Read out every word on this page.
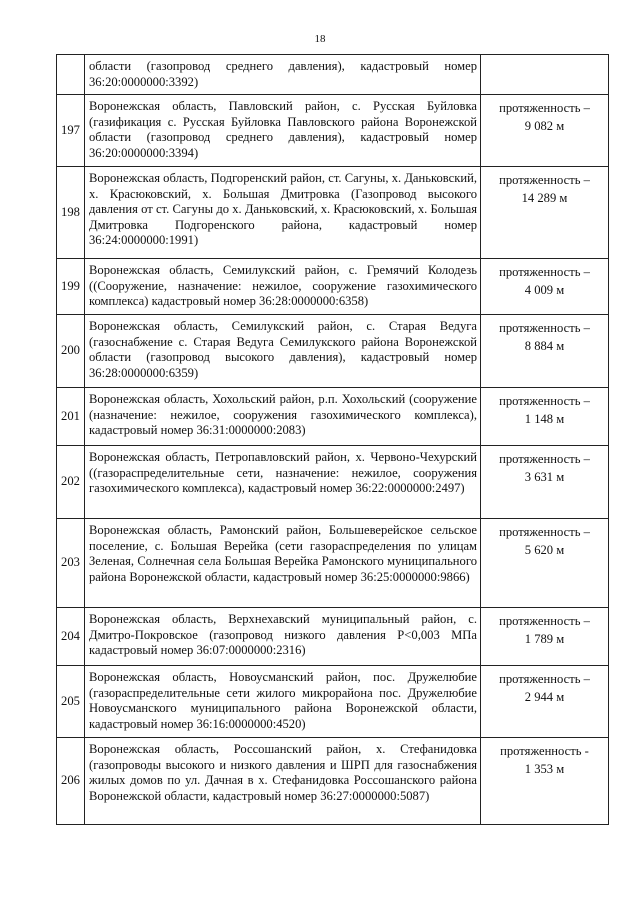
18
	области (газопровод среднего давления), кадастровый номер 36:20:0000000:3392)	
197	Воронежская область, Павловский район, с. Русская Буйловка (газификация с. Русская Буйловка Павловского района Воронежской области (газопровод среднего давления), кадастровый номер 36:20:0000000:3394)	протяженность –
9 082 м

198	Воронежская область, Подгоренский район, ст. Сагуны, х. Даньковский, х. Красюковский, х. Большая Дмитровка (Газопровод высокого давления от ст. Сагуны до х. Даньковский, х. Красюковский, х. Большая Дмитровка Подгоренского района, кадастровый номер 36:24:0000000:1991)	протяженность –
14 289 м

199	Воронежская область, Семилукский район, с. Гремячий Колодезь ((Сооружение, назначение: нежилое, сооружение газохимического комплекса) кадастровый номер 36:28:0000000:6358)	протяженность –
4 009 м

200	Воронежская область, Семилукский район, с. Старая Ведуга (газоснабжение с. Старая Ведуга Семилукского района Воронежской области (газопровод высокого давления), кадастровый номер 36:28:0000000:6359)	протяженность –
8 884 м

201	Воронежская область, Хохольский район, р.п. Хохольский (сооружение (назначение: нежилое, сооружения газохимического комплекса), кадастровый номер 36:31:0000000:2083)	протяженность –
1 148 м

202	Воронежская область, Петропавловский район, х. Червоно-Чехурский ((газораспределительные сети, назначение: нежилое, сооружения газохимического комплекса), кадастровый номер 36:22:0000000:2497)	протяженность –
3 631 м

203	Воронежская область, Рамонский район, Большеверейское сельское поселение, с. Большая Верейка (сети газораспределения по улицам Зеленая, Солнечная села Большая Верейка Рамонского муниципального района Воронежской области, кадастровый номер 36:25:0000000:9866)	протяженность –
5 620 м

204	Воронежская область, Верхнехавский муниципальный район, с. Дмитро-Покровское (газопровод низкого давления P<0,003 МПа кадастровый номер 36:07:0000000:2316)	протяженность –
1 789 м

205	Воронежская область, Новоусманский район, пос. Дружелюбие (газораспределительные сети жилого микрорайона пос. Дружелюбие Новоусманского муниципального района Воронежской области, кадастровый номер 36:16:0000000:4520)	протяженность –
2 944 м

206	Воронежская область, Россошанский район, х. Стефанидовка (газопроводы высокого и низкого давления и ШРП для газоснабжения жилых домов по ул. Дачная в х. Стефанидовка Россошанского района Воронежской области, кадастровый номер 36:27:0000000:5087)	протяженность -
1 353 м
